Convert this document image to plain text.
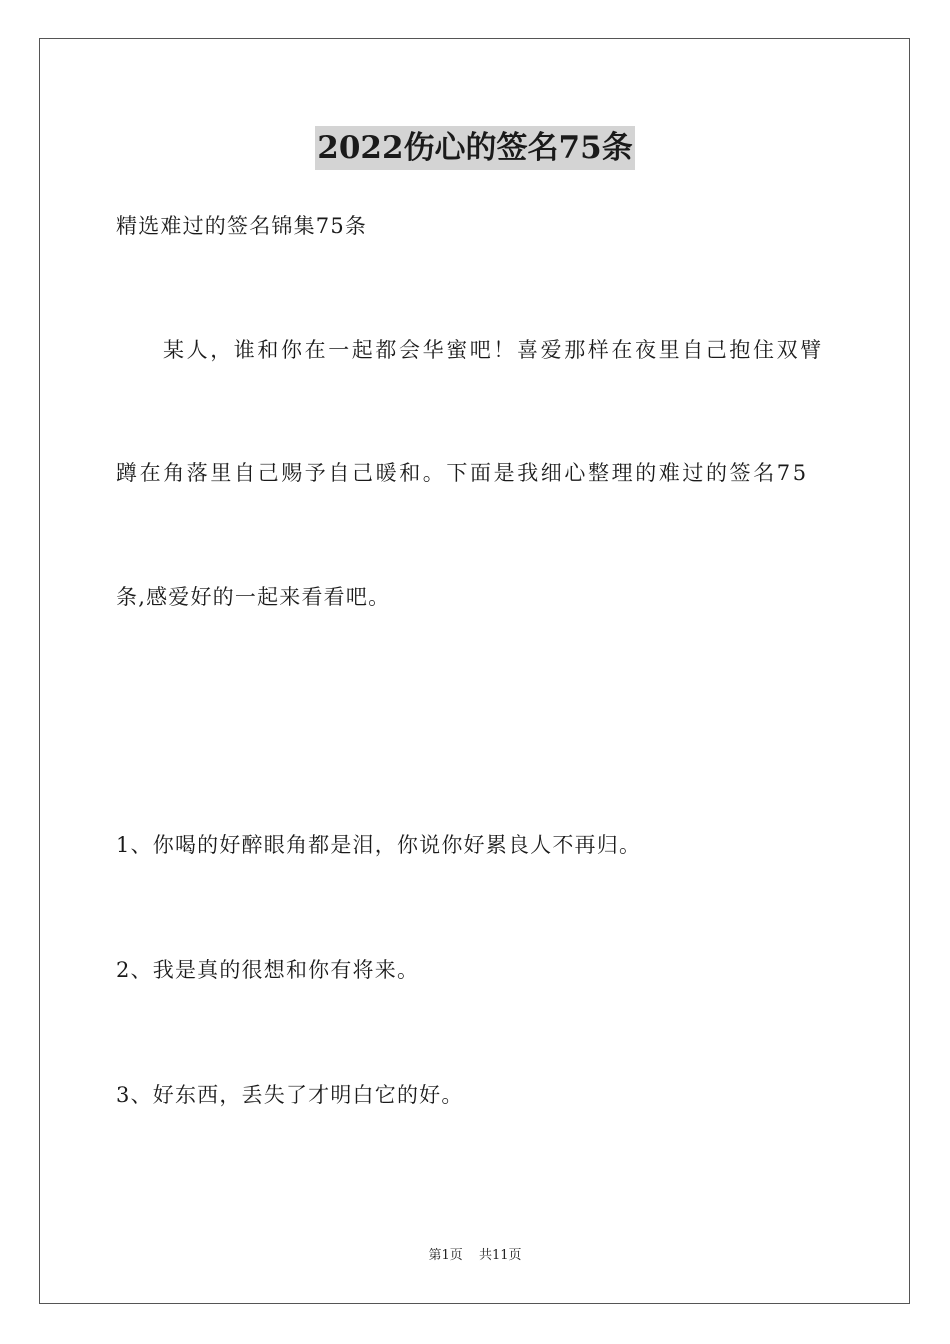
2022伤心的签名75条
精选难过的签名锦集75条
某人，谁和你在一起都会华蜜吧！喜爱那样在夜里自己抱住双臂
蹲在角落里自己赐予自己暖和。下面是我细心整理的难过的签名75
条,感爱好的一起来看看吧。
1、你喝的好醉眼角都是泪，你说你好累良人不再归。
2、我是真的很想和你有将来。
3、好东西，丢失了才明白它的好。
第1页 共11页
